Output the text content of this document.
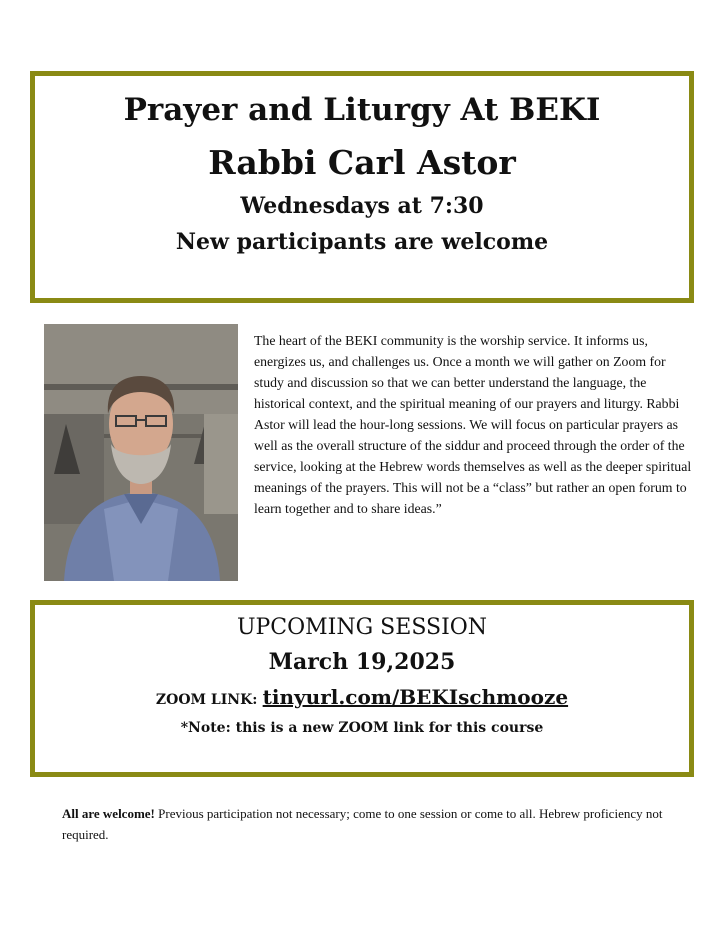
Prayer and Liturgy At BEKI
Rabbi Carl Astor
Wednesdays at 7:30
New participants are welcome

The heart of the BEKI community is the worship service. It informs us, energizes us, and challenges us. Once a month we will gather on Zoom for study and discussion so that we can better understand the language, the historical context, and the spiritual meaning of our prayers and liturgy. Rabbi Astor will lead the hour-long sessions. We will focus on particular prayers as well as the overall structure of the siddur and proceed through the order of the service, looking at the Hebrew words themselves as well as the deeper spiritual meanings of the prayers. This will not be a “class” but rather an open forum to learn together and to share ideas.”

UPCOMING SESSION
March 19,2025
ZOOM LINK: tinyurl.com/BEKIschmooze
*Note: this is a new ZOOM link for this course
All are welcome! Previous participation not necessary; come to one session or come to all. Hebrew proficiency not required.
